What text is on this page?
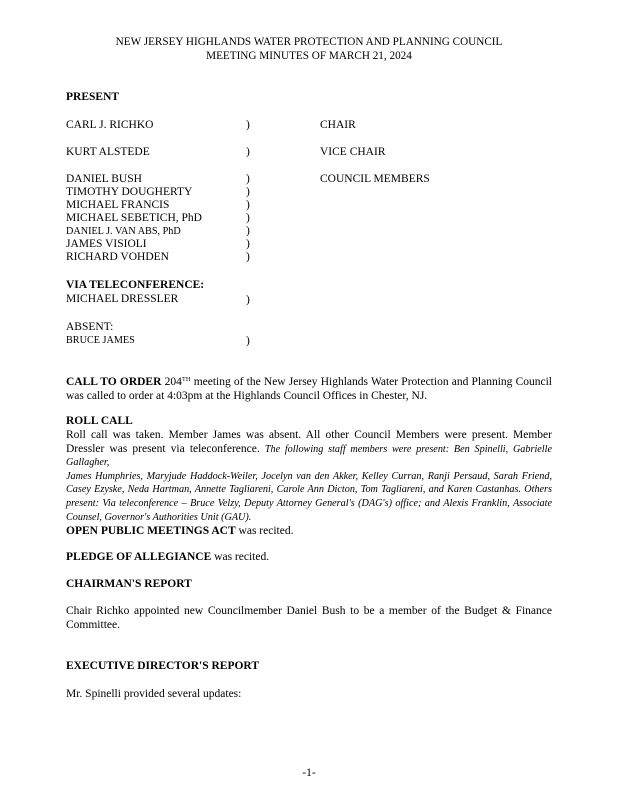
NEW JERSEY HIGHLANDS WATER PROTECTION AND PLANNING COUNCIL
MEETING MINUTES OF MARCH 21, 2024
PRESENT
CARL J. RICHKO	)	CHAIR
KURT ALSTEDE	)	VICE CHAIR
DANIEL BUSH	)	COUNCIL MEMBERS
TIMOTHY DOUGHERTY	)
MICHAEL FRANCIS	)
MICHAEL SEBETICH, PhD	)
DANIEL J. VAN ABS, PhD	)
JAMES VISIOLI	)
RICHARD VOHDEN	)
VIA TELECONFERENCE:
MICHAEL DRESSLER	)
ABSENT:
BRUCE JAMES	)
CALL TO ORDER 204TH meeting of the New Jersey Highlands Water Protection and Planning Council
was called to order at 4:03pm at the Highlands Council Offices in Chester, NJ.
ROLL CALL
Roll call was taken. Member James was absent. All other Council Members were present. Member
Dressler was present via teleconference. The following staff members were present: Ben Spinelli, Gabrielle Gallagher,
James Humphries, Maryjude Haddock-Weiler, Jocelyn van den Akker, Kelley Curran, Ranji Persaud, Sarah Friend,
Casey Ezyske, Neda Hartman, Annette Tagliareni, Carole Ann Dicton, Tom Tagliareni, and Karen Castanhas. Others
present: Via teleconference – Bruce Velzy, Deputy Attorney General's (DAG's) office; and Alexis Franklin, Associate
Counsel, Governor's Authorities Unit (GAU).
OPEN PUBLIC MEETINGS ACT was recited.
PLEDGE OF ALLEGIANCE was recited.
CHAIRMAN'S REPORT
Chair Richko appointed new Councilmember Daniel Bush to be a member of the Budget & Finance
Committee.
EXECUTIVE DIRECTOR'S REPORT
Mr. Spinelli provided several updates:
-1-
